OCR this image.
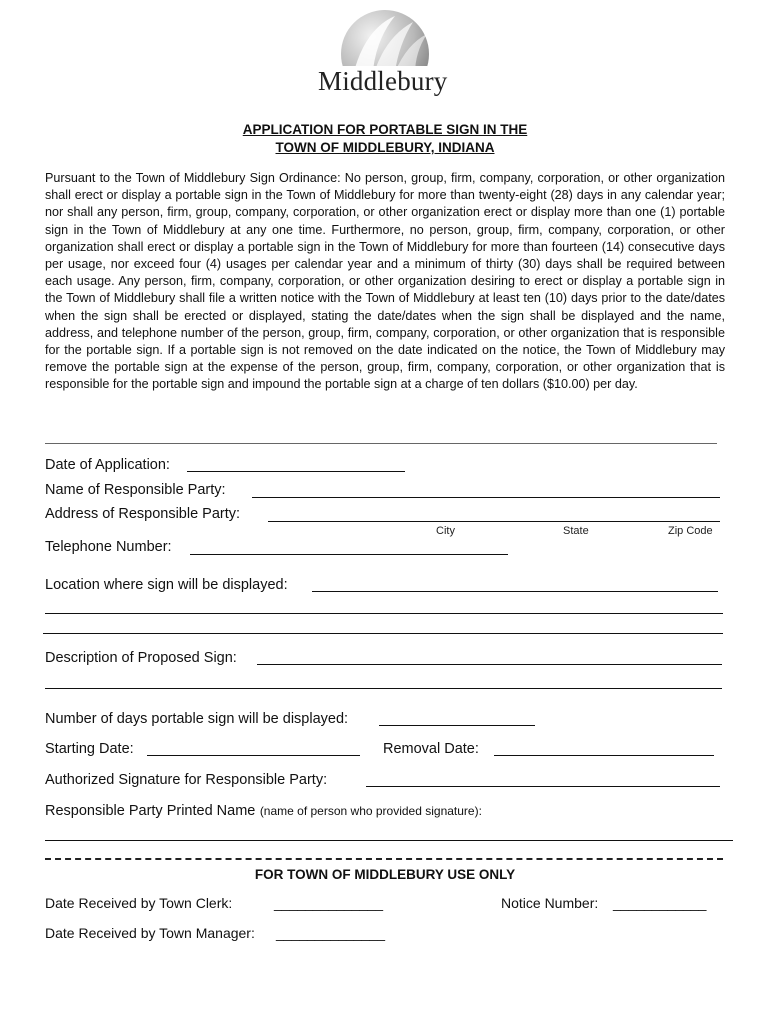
Middlebury
APPLICATION FOR PORTABLE SIGN IN THE
TOWN OF MIDDLEBURY, INDIANA
Pursuant to the Town of Middlebury Sign Ordinance: No person, group, firm, company, corporation, or other organization shall erect or display a portable sign in the Town of Middlebury for more than twenty-eight (28) days in any calendar year; nor shall any person, firm, group, company, corporation, or other organization erect or display more than one (1) portable sign in the Town of Middlebury at any one time. Furthermore, no person, group, firm, company, corporation, or other organization shall erect or display a portable sign in the Town of Middlebury for more than fourteen (14) consecutive days per usage, nor exceed four (4) usages per calendar year and a minimum of thirty (30) days shall be required between each usage. Any person, firm, company, corporation, or other organization desiring to erect or display a portable sign in the Town of Middlebury shall file a written notice with the Town of Middlebury at least ten (10) days prior to the date/dates when the sign shall be erected or displayed, stating the date/dates when the sign shall be displayed and the name, address, and telephone number of the person, group, firm, company, corporation, or other organization that is responsible for the portable sign. If a portable sign is not removed on the date indicated on the notice, the Town of Middlebury may remove the portable sign at the expense of the person, group, firm, company, corporation, or other organization that is responsible for the portable sign and impound the portable sign at a charge of ten dollars ($10.00) per day.
Date of Application:
Name of Responsible Party:
Address of Responsible Party:
City	State	Zip Code
Telephone Number:
Location where sign will be displayed:
Description of Proposed Sign:
Number of days portable sign will be displayed:
Starting Date:	Removal Date:
Authorized Signature for Responsible Party:
Responsible Party Printed Name (name of person who provided signature):
FOR TOWN OF MIDDLEBURY USE ONLY
Date Received by Town Clerk:	______________	Notice Number: ____________
Date Received by Town Manager: ______________
